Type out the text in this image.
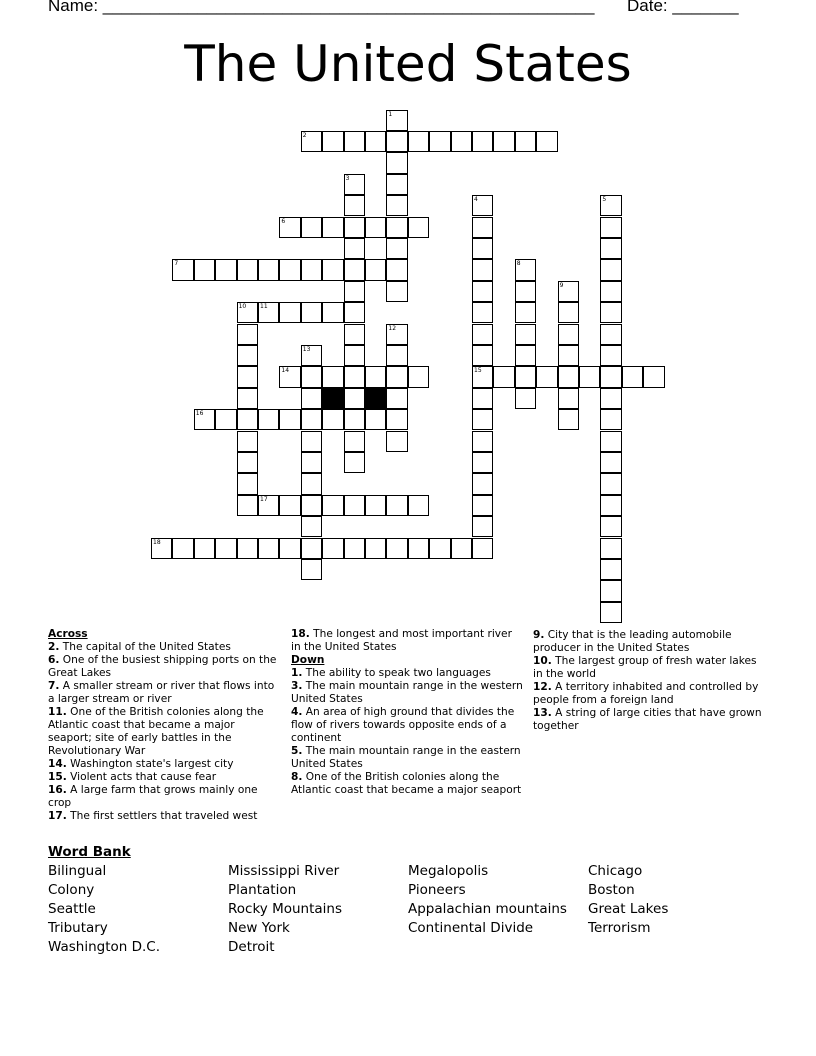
Name: ____________________________________________________ Date: _______
The United States
1
2
3
4
15
5
6
7	8
9
10 11
12
13
14
16
17
18
Across
2. The capital of the United States
6. One of the busiest shipping ports on the Great Lakes
7. A smaller stream or river that flows into a larger stream or river
11. One of the British colonies along the Atlantic coast that became a major seaport; site of early battles in the Revolutionary War
14. Washington state's largest city
15. Violent acts that cause fear
16. A large farm that grows mainly one crop
17. The first settlers that traveled west
18. The longest and most important river in the United States
Down
1. The ability to speak two languages
3. The main mountain range in the western United States
4. An area of high ground that divides the flow of rivers towards opposite ends of a continent
5. The main mountain range in the eastern United States
8. One of the British colonies along the Atlantic coast that became a major seaport
9. City that is the leading automobile producer in the United States
10. The largest group of fresh water lakes in the world
12. A territory inhabited and controlled by people from a foreign land
13. A string of large cities that have grown together
Word Bank
Bilingual
Colony
Seattle
Tributary
Washington D.C.
Mississippi River
Plantation
Rocky Mountains
New York
Detroit
Megalopolis
Pioneers
Appalachian mountains
Continental Divide
Chicago
Boston
Great Lakes
Terrorism
